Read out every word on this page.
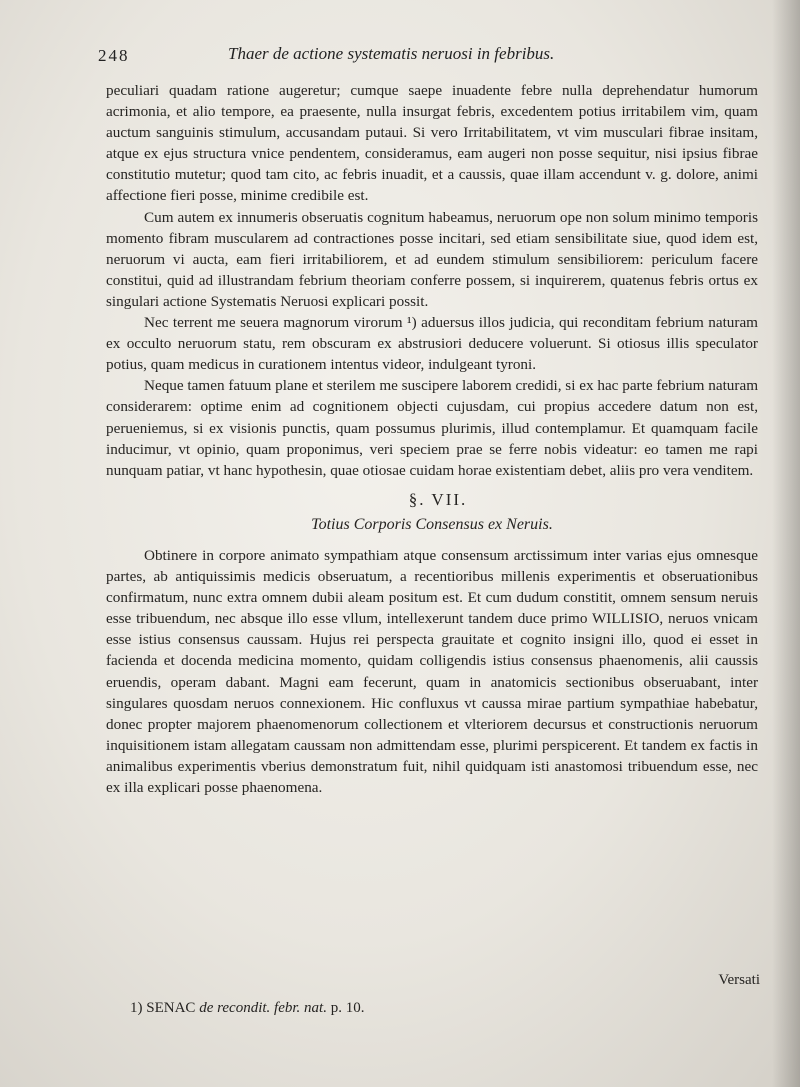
248	Thaer de actione systematis neruosi in febribus.

peculiari quadam ratione augeretur; cumque saepe inuadente febre nulla deprehendatur humorum acrimonia, et alio tempore, ea praesente, nulla insurgat febris, excedentem potius irritabilem vim, quam auctum sanguinis stimulum, accusandam putaui. Si vero Irritabilitatem, vt vim musculari fibrae insitam, atque ex ejus structura vnice pendentem, consideramus, eam augeri non posse sequitur, nisi ipsius fibrae constitutio mutetur; quod tam cito, ac febris inuadit, et a caussis, quae illam accendunt v. g. dolore, animi affectione fieri posse, minime credibile est.

Cum autem ex innumeris obseruatis cognitum habeamus, neruorum ope non solum minimo temporis momento fibram muscularem ad contractiones posse incitari, sed etiam sensibilitate siue, quod idem est, neruorum vi aucta, eam fieri irritabiliorem, et ad eundem stimulum sensibiliorem: periculum facere constitui, quid ad illustrandam febrium theoriam conferre possem, si inquirerem, quatenus febris ortus ex singulari actione Systematis Neruosi explicari possit.

Nec terrent me seuera magnorum virorum ¹) aduersus illos judicia, qui reconditam febrium naturam ex occulto neruorum statu, rem obscuram ex abstrusiori deducere voluerunt. Si otiosus illis speculator potius, quam medicus in curationem intentus videor, indulgeant tyroni.

Neque tamen fatuum plane et sterilem me suscipere laborem credidi, si ex hac parte febrium naturam considerarem: optime enim ad cognitionem objecti cujusdam, cui propius accedere datum non est, perueniemus, si ex visionis punctis, quam possumus plurimis, illud contemplamur. Et quamquam facile inducimur, vt opinio, quam proponimus, veri speciem prae se ferre nobis videatur: eo tamen me rapi nunquam patiar, vt hanc hypothesin, quae otiosae cuidam horae existentiam debet, aliis pro vera venditem.

§. VII.
Totius Corporis Consensus ex Neruis.

Obtinere in corpore animato sympathiam atque consensum arctissimum inter varias ejus omnesque partes, ab antiquissimis medicis obseruatum, a recentioribus millenis experimentis et obseruationibus confirmatum, nunc extra omnem dubii aleam positum est. Et cum dudum constitit, omnem sensum neruis esse tribuendum, nec absque illo esse vllum, intellexerunt tandem duce primo WILLISIO, neruos vnicam esse istius consensus caussam. Hujus rei perspecta grauitate et cognito insigni illo, quod ei esset in facienda et docenda medicina momento, quidam colligendis istius consensus phaenomenis, alii caussis eruendis, operam dabant. Magni eam fecerunt, quam in anatomicis sectionibus obseruabant, inter singulares quosdam neruos connexionem. Hic confluxus vt caussa mirae partium sympathiae habebatur, donec propter majorem phaenomenorum collectionem et vlteriorem decursus et constructionis neruorum inquisitionem istam allegatam caussam non admittendam esse, plurimi perspicerent. Et tandem ex factis in animalibus experimentis vberius demonstratum fuit, nihil quidquam isti anastomosi tribuendum esse, nec ex illa explicari posse phaenomena.

Versati
1) SENAC de recondit. febr. nat. p. 10.
